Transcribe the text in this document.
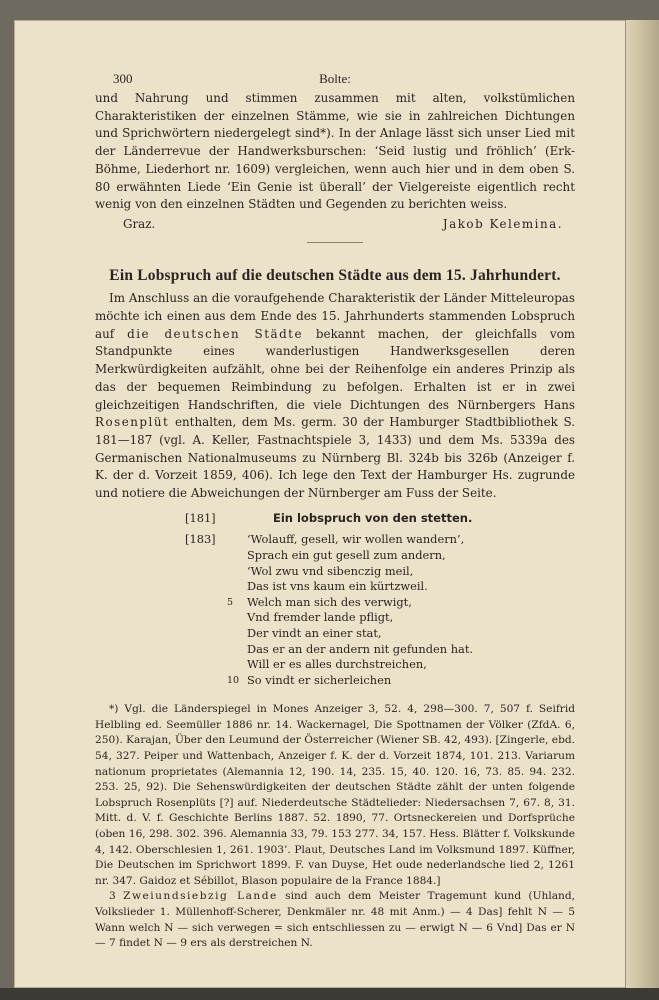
300	Bolte:

und Nahrung und stimmen zusammen mit alten, volkstümlichen Charakteristiken der einzelnen Stämme, wie sie in zahlreichen Dichtungen und Sprichwörtern niedergelegt sind*). In der Anlage lässt sich unser Lied mit der Länderrevue der Handwerksburschen: ‘Seid lustig und fröhlich’ (Erk-Böhme, Liederhort nr. 1609) vergleichen, wenn auch hier und in dem oben S. 80 erwähnten Liede ‘Ein Genie ist überall’ der Vielgereiste eigentlich recht wenig von den einzelnen Städten und Gegenden zu berichten weiss.

Graz.	Jakob Kelemina.
Ein Lobspruch auf die deutschen Städte aus dem 15. Jahrhundert.

Im Anschluss an die voraufgehende Charakteristik der Länder Mitteleuropas möchte ich einen aus dem Ende des 15. Jahrhunderts stammenden Lobspruch auf die deutschen Städte bekannt machen, der gleichfalls vom Standpunkte eines wanderlustigen Handwerksgesellen deren Merkwürdigkeiten aufzählt, ohne bei der Reihenfolge ein anderes Prinzip als das der bequemen Reimbindung zu befolgen. Erhalten ist er in zwei gleichzeitigen Handschriften, die viele Dichtungen des Nürnbergers Hans Rosenplüt enthalten, dem Ms. germ. 30 der Hamburger Stadtbibliothek S. 181—187 (vgl. A. Keller, Fastnachtspiele 3, 1433) und dem Ms. 5339a des Germanischen Nationalmuseums zu Nürnberg Bl. 324b bis 326b (Anzeiger f. K. der d. Vorzeit 1859, 406). Ich lege den Text der Hamburger Hs. zugrunde und notiere die Abweichungen der Nürnberger am Fuss der Seite.

[181]	Ein lobspruch von den stetten.
[183]	‘Wolauff, gesell, wir wollen wandern’,
Sprach ein gut gesell zum andern,
‘Wol zwu vnd sibenczig meil,
Das ist vns kaum ein kürtzweil.
5 Welch man sich des verwigt,
Vnd fremder lande pfligt,
Der vindt an einer stat,
Das er an der andern nit gefunden hat.
Will er es alles durchstreichen,
10 So vindt er sicherleichen

*) Vgl. die Länderspiegel in Mones Anzeiger 3, 52. 4, 298—300. 7, 507 f. Seifrid Helbling ed. Seemüller 1886 nr. 14. Wackernagel, Die Spottnamen der Völker (ZfdA. 6, 250). Karajan, Über den Leumund der Österreicher (Wiener SB. 42, 493). [Zingerle, ebd. 54, 327. Peiper und Wattenbach, Anzeiger f. K. der d. Vorzeit 1874, 101. 213. Variarum nationum proprietates (Alemannia 12, 190. 14, 235. 15, 40. 120. 16, 73. 85. 94. 232. 253. 25, 92). Die Sehenswürdigkeiten der deutschen Städte zählt der unten folgende Lobspruch Rosenplüts [?] auf. Niederdeutsche Städtelieder: Niedersachsen 7, 67. 8, 31. Mitt. d. V. f. Geschichte Berlins 1887. 52. 1890, 77. Ortsneckereien und Dorfsprüche (oben 16, 298. 302. 396. Alemannia 33, 79. 153 277. 34, 157. Hess. Blätter f. Volkskunde 4, 142. Oberschlesien 1, 261. 1903’. Plaut, Deutsches Land im Volksmund 1897. Küffner, Die Deutschen im Sprichwort 1899. F. van Duyse, Het oude nederlandsche lied 2, 1261 nr. 347. Gaidoz et Sébillot, Blason populaire de la France 1884.]

3 Zweiundsiebzig Lande sind auch dem Meister Tragemunt kund (Uhland, Volkslieder 1. Müllenhoff-Scherer, Denkmäler nr. 48 mit Anm.) — 4 Das] fehlt N — 5 Wann welch N — sich verwegen = sich entschliessen zu — erwigt N — 6 Vnd] Das er N — 7 findet N — 9 ers als derstreichen N.
